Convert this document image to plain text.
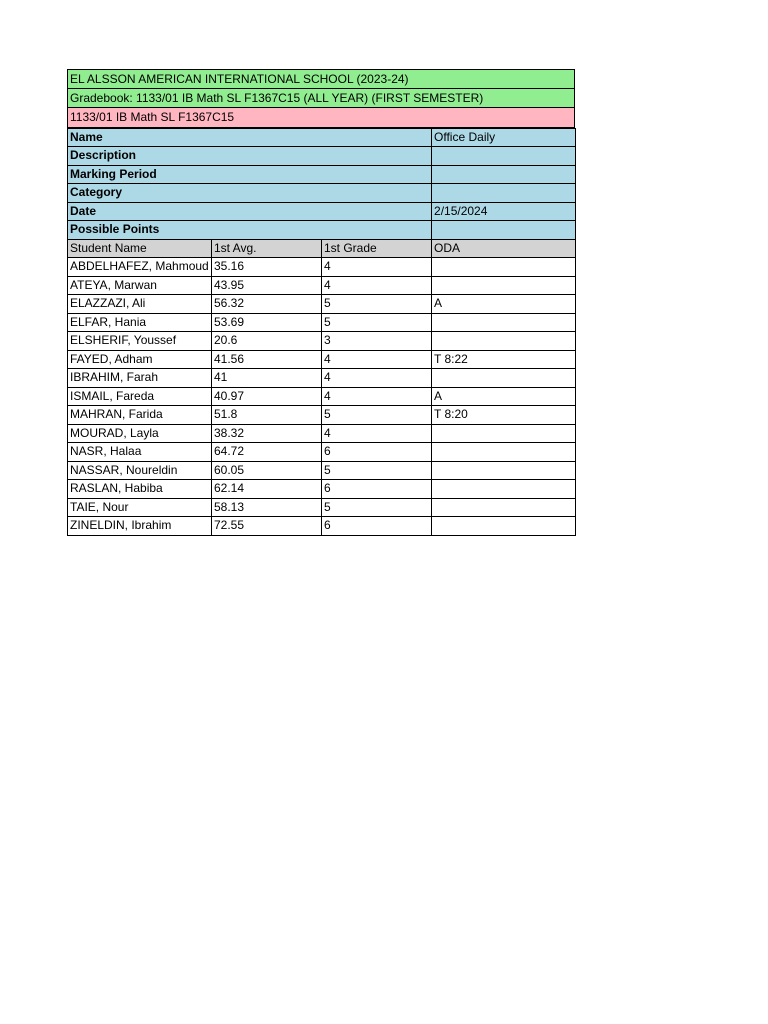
EL ALSSON AMERICAN INTERNATIONAL SCHOOL (2023-24)
Gradebook: 1133/01 IB Math SL F1367C15 (ALL YEAR) (FIRST SEMESTER)
1133/01 IB Math SL F1367C15
Name			Office Daily
Description			
Marking Period			
Category			
Date			2/15/2024
Possible Points			
Student Name	1st Avg.	1st Grade	ODA
ABDELHAFEZ, Mahmoud	35.16	4	
ATEYA, Marwan	43.95	4	
ELAZZAZI, Ali	56.32	5	A
ELFAR, Hania	53.69	5	
ELSHERIF, Youssef	20.6	3	
FAYED, Adham	41.56	4	T 8:22
IBRAHIM, Farah	41	4	
ISMAIL, Fareda	40.97	4	A
MAHRAN, Farida	51.8	5	T 8:20
MOURAD, Layla	38.32	4	
NASR, Halaa	64.72	6	
NASSAR, Noureldin	60.05	5	
RASLAN, Habiba	62.14	6	
TAIE, Nour	58.13	5	
ZINELDIN, Ibrahim	72.55	6	
